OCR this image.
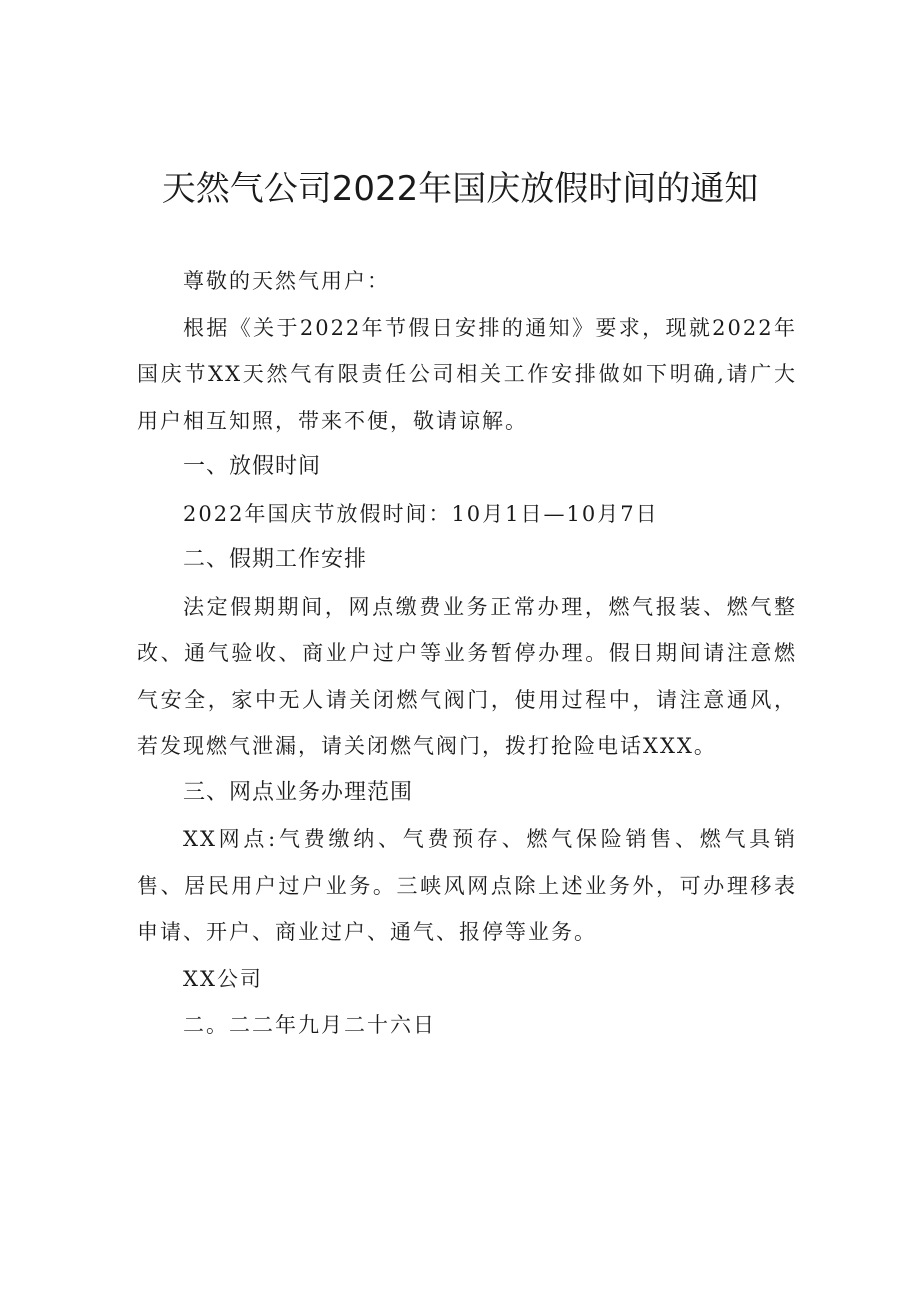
天然气公司2022年国庆放假时间的通知

尊敬的天然气用户：

根据《关于2022年节假日安排的通知》要求，现就2022年国庆节XX天然气有限责任公司相关工作安排做如下明确,请广大用户相互知照，带来不便，敬请谅解。

一、放假时间

2022年国庆节放假时间：10月1日—10月7日

二、假期工作安排

法定假期期间，网点缴费业务正常办理，燃气报装、燃气整改、通气验收、商业户过户等业务暂停办理。假日期间请注意燃气安全，家中无人请关闭燃气阀门，使用过程中，请注意通风，若发现燃气泄漏，请关闭燃气阀门，拨打抢险电话XXX。

三、网点业务办理范围

XX网点:气费缴纳、气费预存、燃气保险销售、燃气具销售、居民用户过户业务。三峡风网点除上述业务外，可办理移表申请、开户、商业过户、通气、报停等业务。

XX公司

二。二二年九月二十六日
